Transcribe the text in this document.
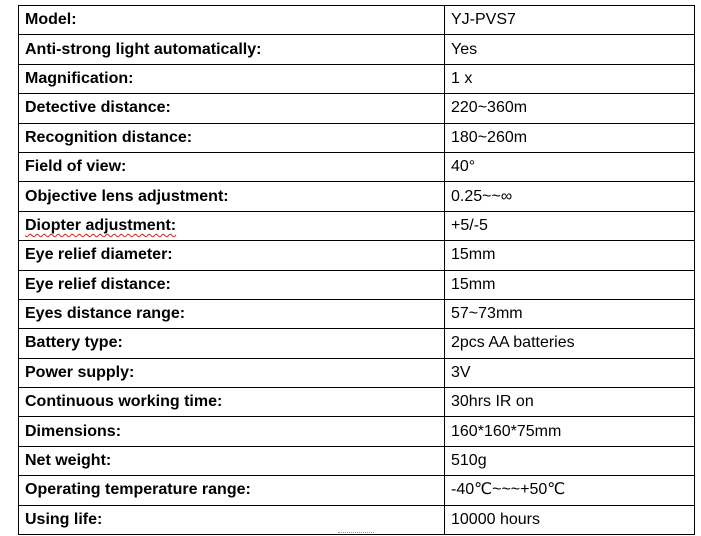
Model:	YJ-PVS7
Anti-strong light automatically:	Yes
Magnification:	1 x
Detective distance:	220~360m
Recognition distance:	180~260m
Field of view:	40°
Objective lens adjustment:	0.25~~∞
Diopter adjustment:	+5/-5
Eye relief diameter:	15mm
Eye relief distance:	15mm
Eyes distance range:	57~73mm
Battery type:	2pcs AA batteries
Power supply:	3V
Continuous working time:	30hrs IR on
Dimensions:	160*160*75mm
Net weight:	510g
Operating temperature range:	-40℃~~~+50℃
Using life:	10000 hours
